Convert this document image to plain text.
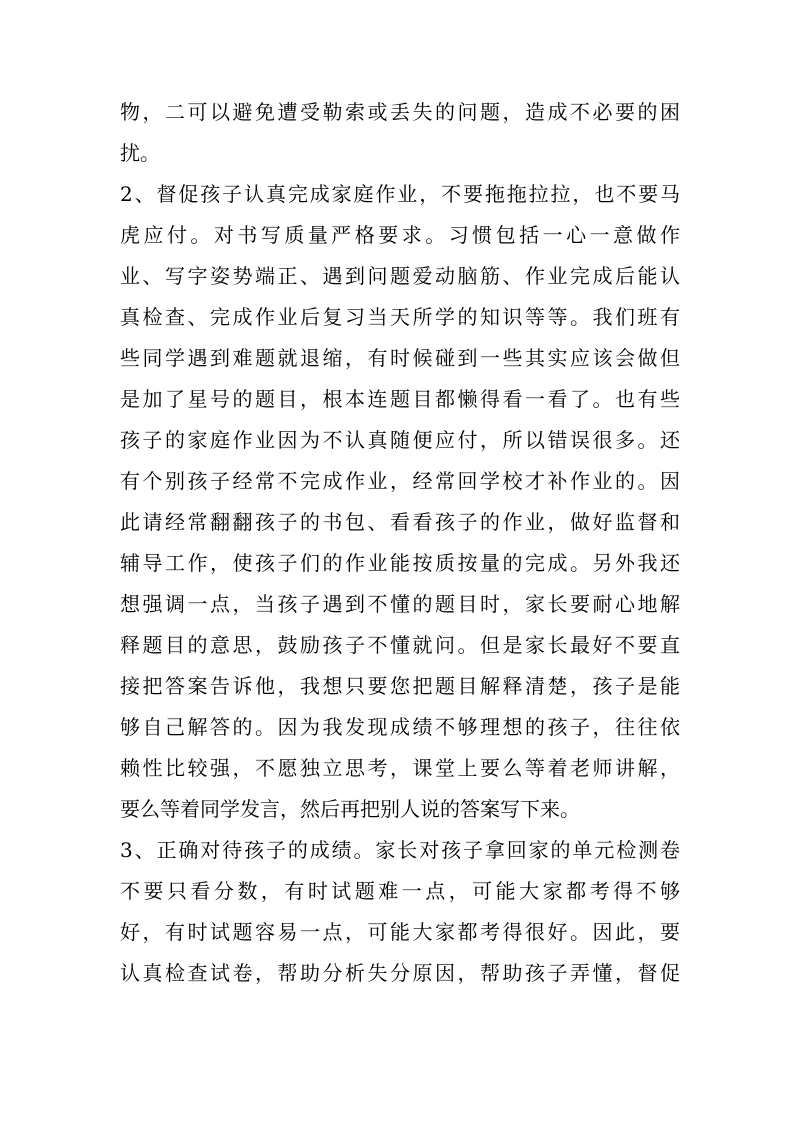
物，二可以避免遭受勒索或丢失的问题，造成不必要的困
扰。
2、督促孩子认真完成家庭作业，不要拖拖拉拉，也不要马
虎应付。对书写质量严格要求。习惯包括一心一意做作
业、写字姿势端正、遇到问题爱动脑筋、作业完成后能认
真检查、完成作业后复习当天所学的知识等等。我们班有
些同学遇到难题就退缩，有时候碰到一些其实应该会做但
是加了星号的题目，根本连题目都懒得看一看了。也有些
孩子的家庭作业因为不认真随便应付，所以错误很多。还
有个别孩子经常不完成作业，经常回学校才补作业的。因
此请经常翻翻孩子的书包、看看孩子的作业，做好监督和
辅导工作，使孩子们的作业能按质按量的完成。另外我还
想强调一点，当孩子遇到不懂的题目时，家长要耐心地解
释题目的意思，鼓励孩子不懂就问。但是家长最好不要直
接把答案告诉他，我想只要您把题目解释清楚，孩子是能
够自己解答的。因为我发现成绩不够理想的孩子，往往依
赖性比较强，不愿独立思考，课堂上要么等着老师讲解，
要么等着同学发言，然后再把别人说的答案写下来。
3、正确对待孩子的成绩。家长对孩子拿回家的单元检测卷
不要只看分数，有时试题难一点，可能大家都考得不够
好，有时试题容易一点，可能大家都考得很好。因此，要
认真检查试卷，帮助分析失分原因，帮助孩子弄懂，督促
